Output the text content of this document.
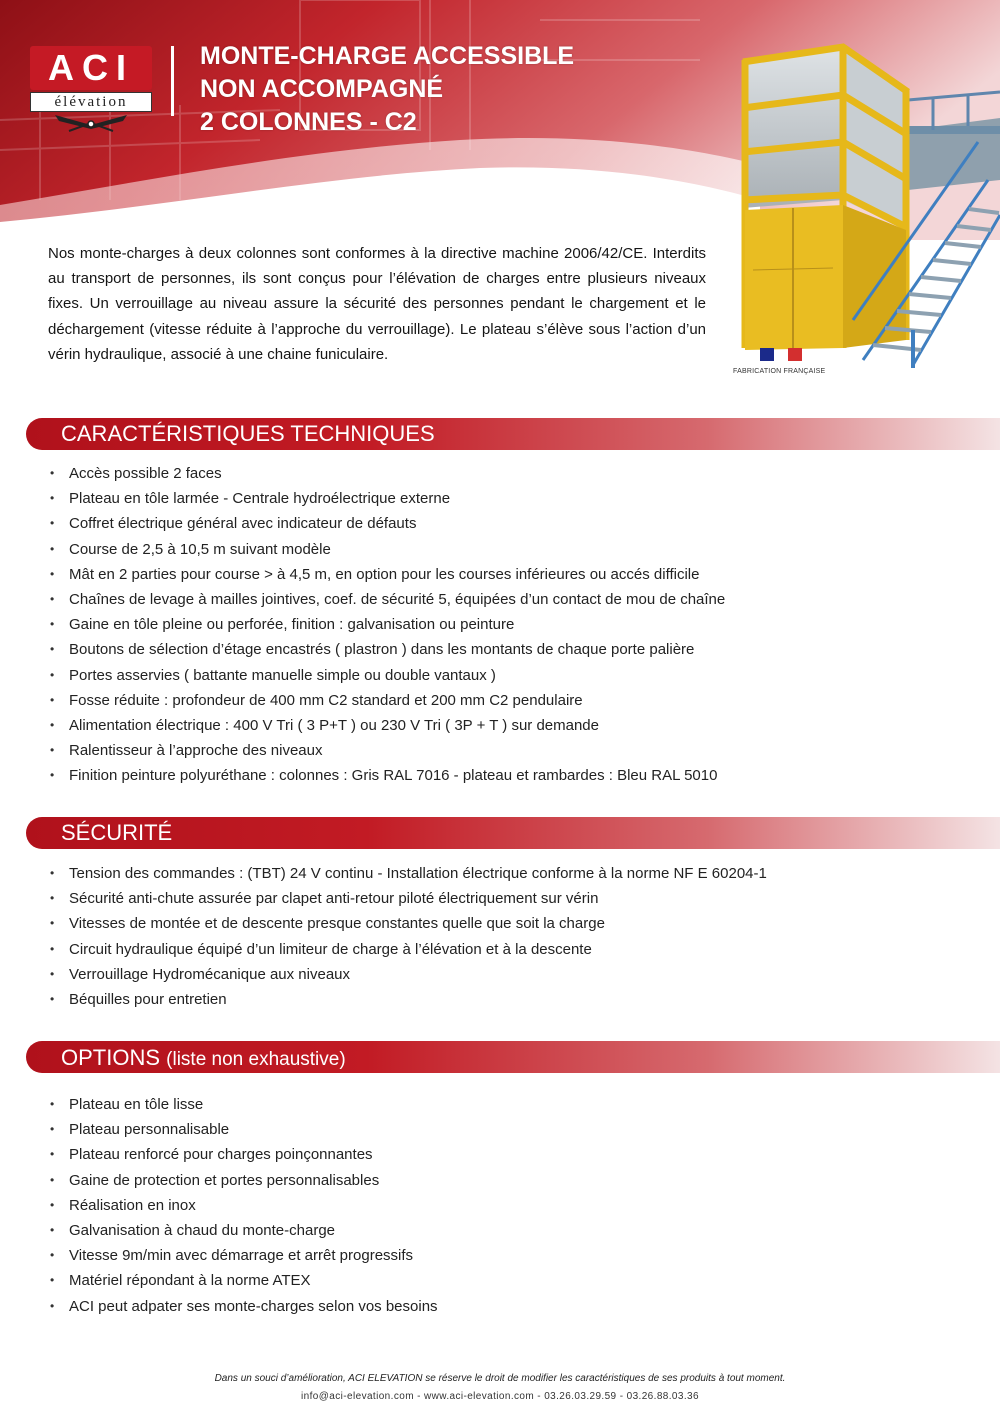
ACI
élévation
MONTE-CHARGE ACCESSIBLE
NON ACCOMPAGNÉ
2 COLONNES - C2
FABRICATION FRANÇAISE
Nos monte-charges à deux colonnes sont conformes à la directive machine 2006/42/CE. Interdits au transport de personnes, ils sont conçus pour l’élévation de charges entre plusieurs niveaux fixes. Un verrouillage au niveau assure la sécurité des personnes pendant le chargement et le déchargement (vitesse réduite à l’approche du verrouillage). Le plateau s’élève sous l’action d’un vérin hydraulique, associé à une chaine funiculaire.
CARACTÉRISTIQUES TECHNIQUES
• Accès possible 2 faces
• Plateau en tôle larmée - Centrale hydroélectrique externe
• Coffret électrique général avec indicateur de défauts
• Course de 2,5 à 10,5 m suivant modèle
• Mât en 2 parties pour course > à 4,5 m, en option pour les courses inférieures ou accés difficile
• Chaînes de levage à mailles jointives, coef. de sécurité 5, équipées d’un contact de mou de chaîne
• Gaine en tôle pleine ou perforée, finition : galvanisation ou peinture
• Boutons de sélection d’étage encastrés ( plastron ) dans les montants de chaque porte palière
• Portes asservies ( battante manuelle simple ou double vantaux )
• Fosse réduite : profondeur de 400 mm C2 standard et 200 mm C2 pendulaire
• Alimentation électrique : 400 V Tri ( 3 P+T ) ou 230 V Tri ( 3P + T ) sur demande
• Ralentisseur à l’approche des niveaux
• Finition peinture polyuréthane : colonnes : Gris RAL 7016 - plateau et rambardes : Bleu RAL 5010
SÉCURITÉ
• Tension des commandes : (TBT) 24 V continu - Installation électrique conforme à la norme NF E 60204-1
• Sécurité anti-chute assurée par clapet anti-retour piloté électriquement sur vérin
• Vitesses de montée et de descente presque constantes quelle que soit la charge
• Circuit hydraulique équipé d’un limiteur de charge à l’élévation et à la descente
• Verrouillage Hydromécanique aux niveaux
• Béquilles pour entretien
OPTIONS (liste non exhaustive)
• Plateau en tôle lisse
• Plateau personnalisable
• Plateau renforcé pour charges poinçonnantes
• Gaine de protection et portes personnalisables
• Réalisation en inox
• Galvanisation à chaud du monte-charge
• Vitesse 9m/min avec démarrage et arrêt progressifs
• Matériel répondant à la norme ATEX
• ACI peut adpater ses monte-charges selon vos besoins
Dans un souci d’amélioration, ACI ELEVATION se réserve le droit de modifier les caractéristiques de ses produits à tout moment.
info@aci-elevation.com - www.aci-elevation.com - 03.26.03.29.59 - 03.26.88.03.36
